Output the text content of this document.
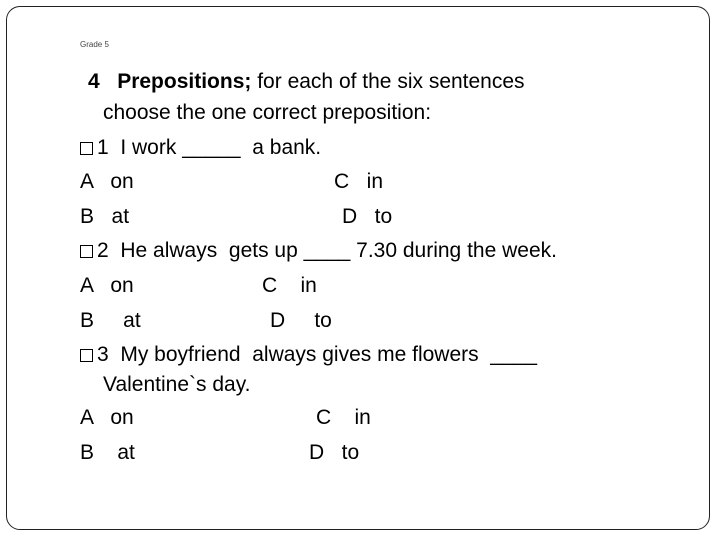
Grade 5
4 Prepositions; for each of the six sentences
choose the one correct preposition:
1  I work _____  a bank.
A   on	C   in
B   at	D   to
2  He always  gets up ____ 7.30 during the week.
A   on	C    in
B     at	D     to
3  My boyfriend  always gives me flowers  ____
Valentine`s day.
A   on	C    in
B    at	D   to
